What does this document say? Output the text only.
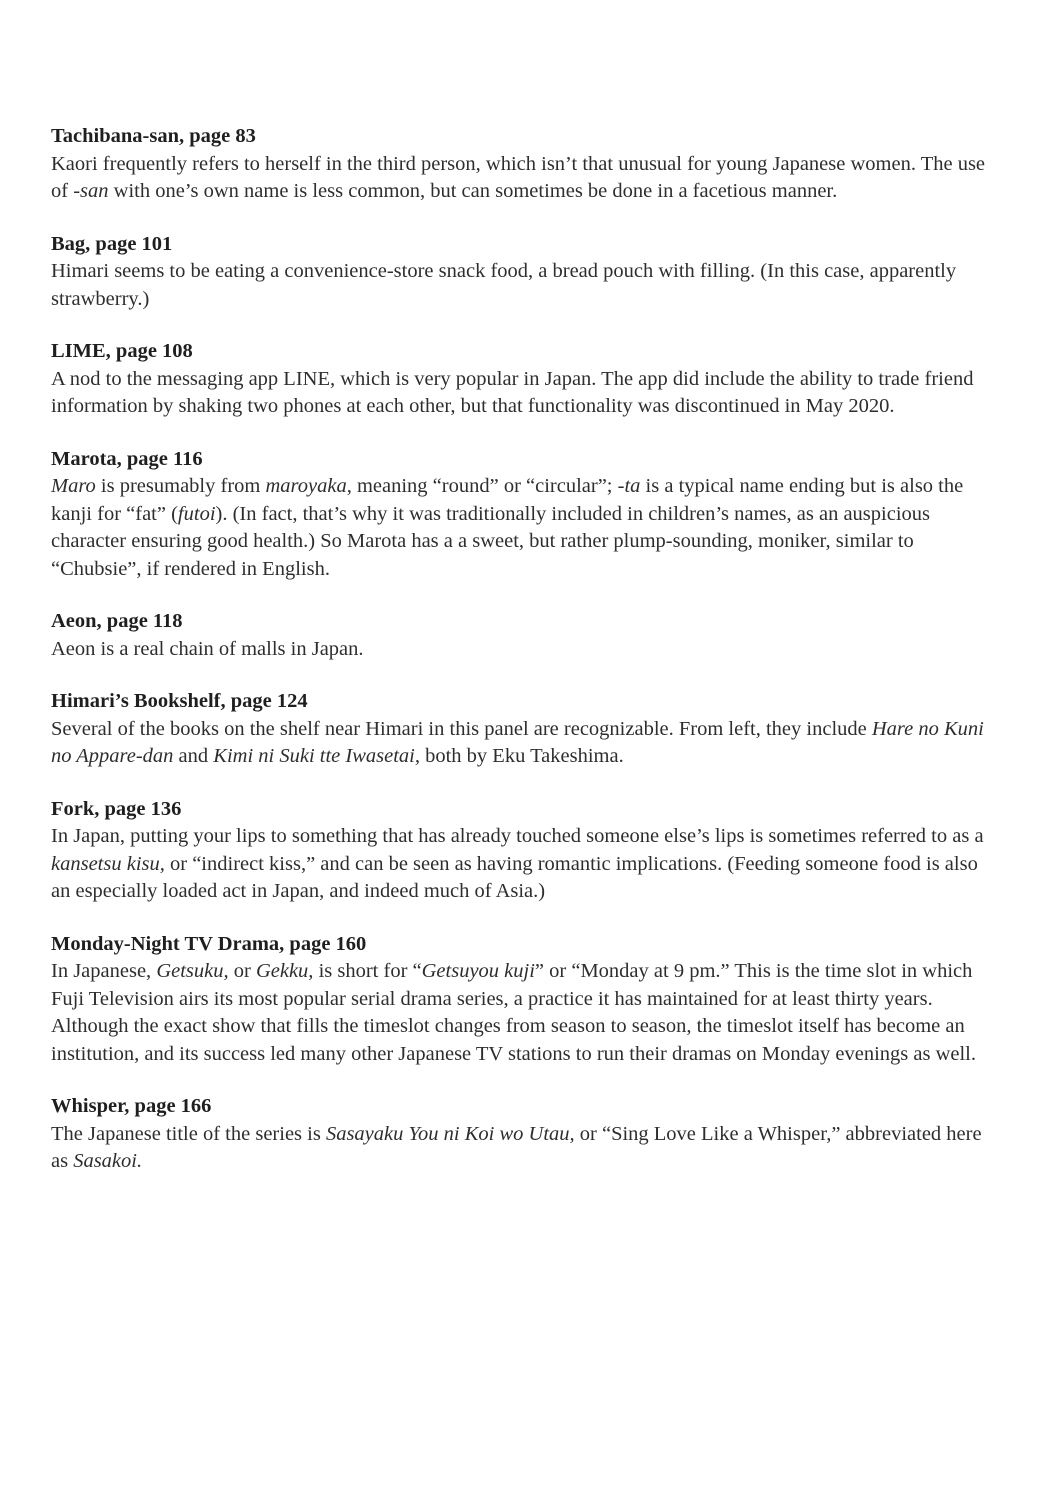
Tachibana-san, page 83

Kaori frequently refers to herself in the third person, which isn’t that unusual for young Japanese women. The use of -san with one’s own name is less common, but can sometimes be done in a facetious manner.

Bag, page 101

Himari seems to be eating a convenience-store snack food, a bread pouch with filling. (In this case, apparently strawberry.)

LIME, page 108

A nod to the messaging app LINE, which is very popular in Japan. The app did include the ability to trade friend information by shaking two phones at each other, but that functionality was discontinued in May 2020.

Marota, page 116

Maro is presumably from maroyaka, meaning “round” or “circular”; -ta is a typical name ending but is also the kanji for “fat” (futoi). (In fact, that’s why it was traditionally included in children’s names, as an auspicious character ensuring good health.) So Marota has a a sweet, but rather plump-sounding, moniker, similar to “Chubsie”, if rendered in English.

Aeon, page 118

Aeon is a real chain of malls in Japan.

Himari’s Bookshelf, page 124

Several of the books on the shelf near Himari in this panel are recognizable. From left, they include Hare no Kuni no Appare-dan and Kimi ni Suki tte Iwasetai, both by Eku Takeshima.

Fork, page 136

In Japan, putting your lips to something that has already touched someone else’s lips is sometimes referred to as a kansetsu kisu, or “indirect kiss,” and can be seen as having romantic implications. (Feeding someone food is also an especially loaded act in Japan, and indeed much of Asia.)

Monday-Night TV Drama, page 160

In Japanese, Getsuku, or Gekku, is short for “Getsuyou kuji” or “Monday at 9 pm.” This is the time slot in which Fuji Television airs its most popular serial drama series, a practice it has maintained for at least thirty years. Although the exact show that fills the timeslot changes from season to season, the timeslot itself has become an institution, and its success led many other Japanese TV stations to run their dramas on Monday evenings as well.

Whisper, page 166

The Japanese title of the series is Sasayaku You ni Koi wo Utau, or “Sing Love Like a Whisper,” abbreviated here as Sasakoi.
